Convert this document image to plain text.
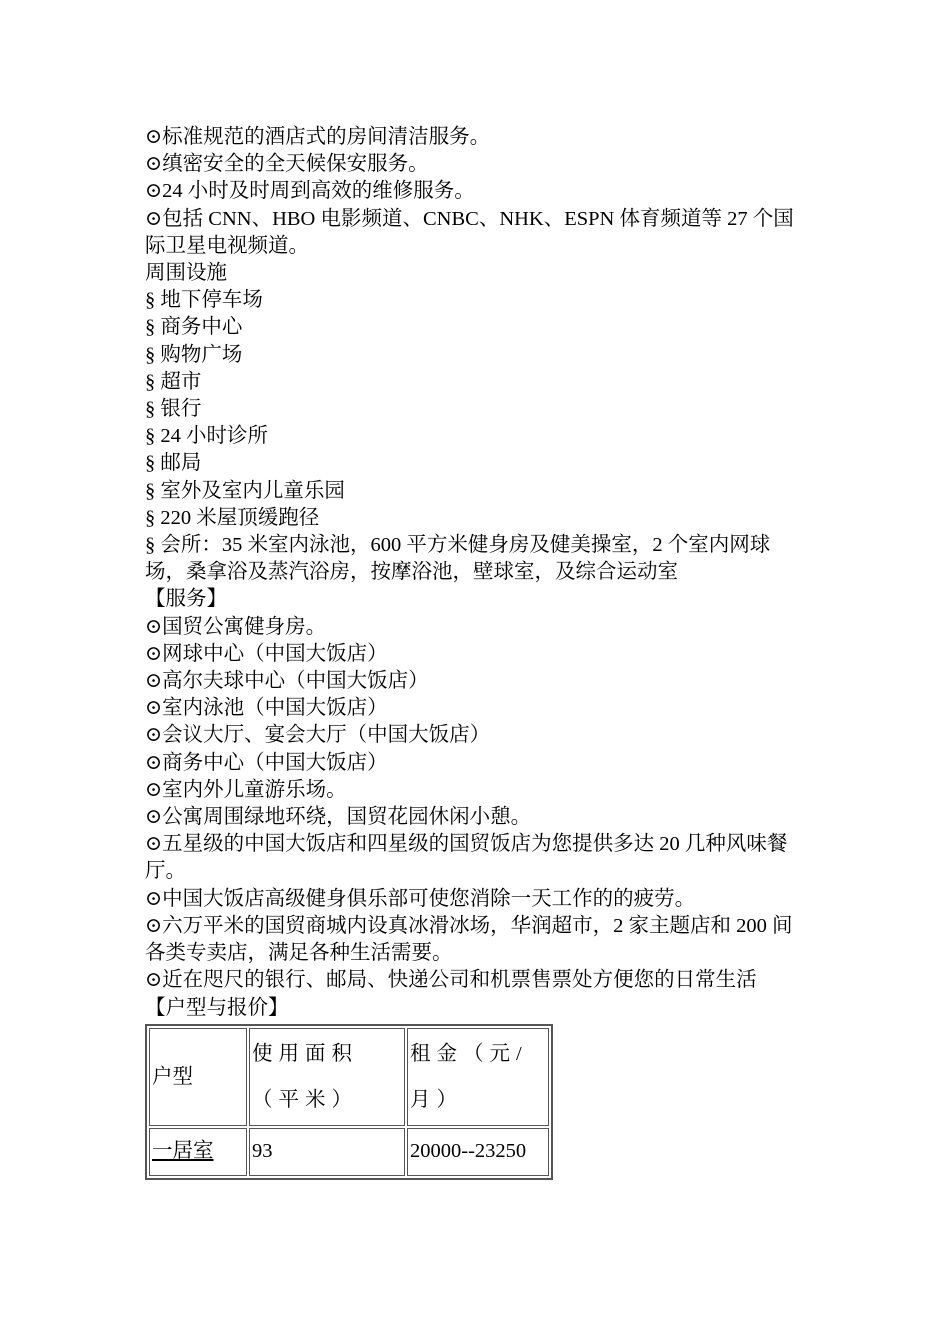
⊙标准规范的酒店式的房间清洁服务。
⊙缜密安全的全天候保安服务。
⊙24 小时及时周到高效的维修服务。
⊙包括 CNN、HBO 电影频道、CNBC、NHK、ESPN 体育频道等 27 个国际卫星电视频道。
周围设施
§ 地下停车场
§ 商务中心
§ 购物广场
§ 超市
§ 银行
§ 24 小时诊所
§ 邮局
§ 室外及室内儿童乐园
§ 220 米屋顶缓跑径
§ 会所：35 米室内泳池，600 平方米健身房及健美操室，2 个室内网球场，桑拿浴及蒸汽浴房，按摩浴池，壁球室，及综合运动室
【服务】
⊙国贸公寓健身房。
⊙网球中心（中国大饭店）
⊙高尔夫球中心（中国大饭店）
⊙室内泳池（中国大饭店）
⊙会议大厅、宴会大厅（中国大饭店）
⊙商务中心（中国大饭店）
⊙室内外儿童游乐场。
⊙公寓周围绿地环绕，国贸花园休闲小憩。
⊙五星级的中国大饭店和四星级的国贸饭店为您提供多达 20 几种风味餐厅。
⊙中国大饭店高级健身俱乐部可使您消除一天工作的的疲劳。
⊙六万平米的国贸商城内设真冰滑冰场，华润超市，2 家主题店和 200 间各类专卖店，满足各种生活需要。
⊙近在咫尺的银行、邮局、快递公司和机票售票处方便您的日常生活
【户型与报价】
户型	使用面积（平米）	租金（元/月）
一居室	93	20000--23250
